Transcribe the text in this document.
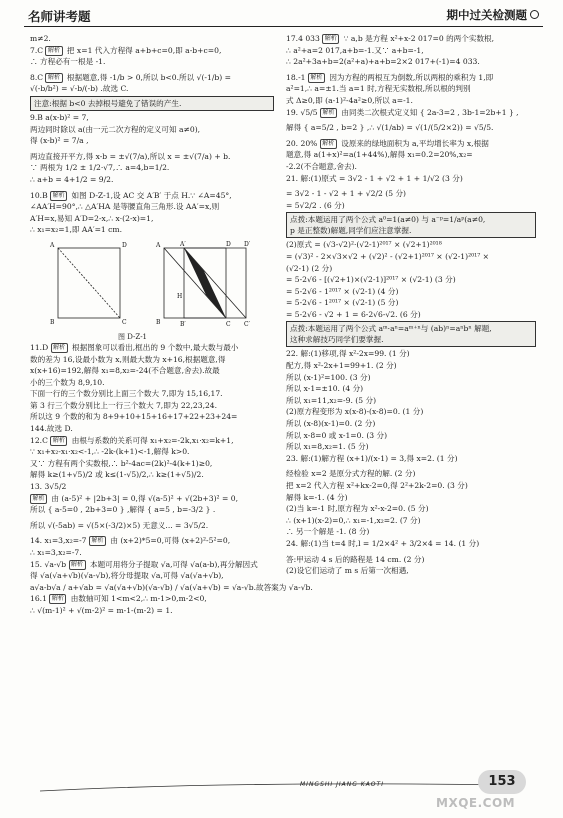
名师讲考题	期中过关检测题
m≠2.
7.C 解析 把 x=1 代入方程得 a+b+c=0,即 a-b+c=0,
∴ 方程必有一根是 -1.
8.C 解析 根据题意,得 -1/b > 0,所以 b<0.所以 √(-1/b) =
√(-b/b²) = √-b/(-b) .故选 C.
注意:根据 b<0 去掉根号避免了错误的产生.
9.B a(x-b)² = 7,
两边同时除以 a(由一元二次方程的定义可知 a≠0),
得 (x-b)² = 7/a ,
两边直接开平方,得 x-b = ±√(7/a),所以 x = ±√(7/a) + b.
∵ 两根为 1/2 ± 1/2·√7,∴ a=4,b=1/2.
∴ a+b = 4+1/2 = 9/2.
10.B 解析 如图 D-Z-1,设 AC 交 A′B′ 于点 H.∵ ∠A=45°,
∠AA′H=90°,∴ △A′HA 是等腰直角三角形.设 AA′=x,则
A′H=x,易知 A′D=2-x,∴ x·(2-x)=1,
∴ x₁=x₂=1,即 AA′=1 cm.
A	D
B	C
A	A′	D D′
B	B′	C C′
H
图 D-Z-1
11.D 解析 根据图象可以看出,框出的 9 个数中,最大数与最小
数的差为 16,设最小数为 x,则最大数为 x+16,根据题意,得
x(x+16)=192,解得 x₁=8,x₂=-24(不合题意,舍去).故最
小的三个数为 8,9,10.
下面一行的三个数分别比上面三个数大 7,即为 15,16,17.
第 3 行三个数分别比上一行三个数大 7,即为 22,23,24.
所以这 9 个数的和为 8+9+10+15+16+17+22+23+24=
144.故选 D.
12.C 解析 由根与系数的关系可得 x₁+x₂=-2k,x₁·x₂=k+1,
∵ x₁+x₂-x₁·x₂<-1,∴ -2k-(k+1)<-1,解得 k>0.
又∵ 方程有两个实数根,∴ b²-4ac=(2k)²-4(k+1)≥0,
解得 k≥(1+√5)/2 或 k≤(1-√5)/2,∴ k≥(1+√5)/2.
13. 3√5/2
解析 由 (a-5)² + |2b+3| = 0,得 √(a-5)² + √(2b+3)² = 0,
所以 { a-5=0 , 2b+3=0 } ,解得 { a=5 , b=-3/2 } .
所以 √(-5ab) = √(5×(-3/2)×5) 无意义... = 3√5/2.
14. x₁=3,x₂=-7 解析 由 (x+2)*5=0,可得 (x+2)²-5²=0,
∴ x₁=3,x₂=-7.
15. √a-√b 解析 本题可用将分子提取 √a,可得 √a(a-b),再分解因式
得 √a(√a+√b)(√a-√b),将分母提取 √a,可得 √a(√a+√b),
a√a-b√a / a+√ab = √a(√a+√b)(√a-√b) / √a(√a+√b) = √a-√b.故答案为 √a-√b.
16.1 解析 由数轴可知 1<m<2,∴ m-1>0,m-2<0,
∴ √(m-1)² + √(m-2)² = m-1-(m-2) = 1.
17.4 033 解析 ∵ a,b 是方程 x²+x-2 017=0 的两个实数根,
∴ a²+a=2 017,a+b=-1.又∵ a+b=-1,
∴ 2a²+3a+b=2(a²+a)+a+b=2×2 017+(-1)=4 033.
18.-1 解析 因为方程的两根互为倒数,所以两根的乘积为 1,即
a²=1,∴ a=±1.当 a=1 时,方程无实数根,所以根的判别
式 Δ≥0,即 (a-1)²-4a²≥0,所以 a=-1.
19. √5/5 解析 由同类二次根式定义知 { 2a-3=2 , 3b-1=2b+1 } ,
解得 { a=5/2 , b=2 } ,∴ √(1/ab) = √(1/(5/2×2)) = √5/5.
20. 20% 解析 设原来的绿地面积为 a,平均增长率为 x,根据
题意,得 a(1+x)²=a(1+44%),解得 x₁=0.2=20%,x₂=
-2.2(不合题意,舍去).
21. 解:(1)原式 = 3√2 - 1 + √2 + 1 + 1/√2 (3 分)
= 3√2 - 1 - √2 + 1 + √2/2 (5 分)
= 5√2/2 . (6 分)
点拨:本题运用了两个公式 a⁰=1(a≠0) 与 a⁻ᵖ=1/aᵖ(a≠0,
p 是正整数)解题,同学们应注意掌握.
(2)原式 = (√3-√2)²·(√2-1)²⁰¹⁷ × (√2+1)²⁰¹⁸
= (√3)² - 2×√3×√2 + (√2)² - (√2+1)²⁰¹⁷ × (√2-1)²⁰¹⁷ ×
(√2-1) (2 分)
= 5-2√6 - [(√2+1)×(√2-1)]²⁰¹⁷ × (√2-1) (3 分)
= 5-2√6 - 1²⁰¹⁷ × (√2-1) (4 分)
= 5-2√6 - 1²⁰¹⁷ × (√2-1) (5 分)
= 5-2√6 - √2 + 1 = 6-2√6-√2. (6 分)
点拨:本题运用了两个公式 aᵐ·aⁿ=aᵐ⁺ⁿ与 (ab)ⁿ=aⁿbⁿ 解题,
这种求解技巧同学们要掌握.
22. 解:(1)移项,得 x²-2x=99. (1 分)
配方,得 x²-2x+1=99+1. (2 分)
所以 (x-1)²=100. (3 分)
所以 x-1=±10. (4 分)
所以 x₁=11,x₂=-9. (5 分)
(2)原方程变形为 x(x-8)-(x-8)=0. (1 分)
所以 (x-8)(x-1)=0. (2 分)
所以 x-8=0 或 x-1=0. (3 分)
所以 x₁=8,x₂=1. (5 分)
23. 解:(1)解方程 (x+1)/(x-1) = 3,得 x=2. (1 分)
经检验 x=2 是原分式方程的解. (2 分)
把 x=2 代入方程 x²+kx-2=0,得 2²+2k-2=0. (3 分)
解得 k=-1. (4 分)
(2)当 k=-1 时,原方程为 x²-x-2=0. (5 分)
∴ (x+1)(x-2)=0,∴ x₁=-1,x₂=2. (7 分)
∴ 另一个解是 -1. (8 分)
24. 解:(1)当 t=4 时,l = 1/2×4² + 3/2×4 = 14. (1 分)
答:甲运动 4 s 后的路程是 14 cm. (2 分)
(2)设它们运动了 m s 后第一次相遇,
MINGSHI JIANG KAOTI	153
MXQE.COM
